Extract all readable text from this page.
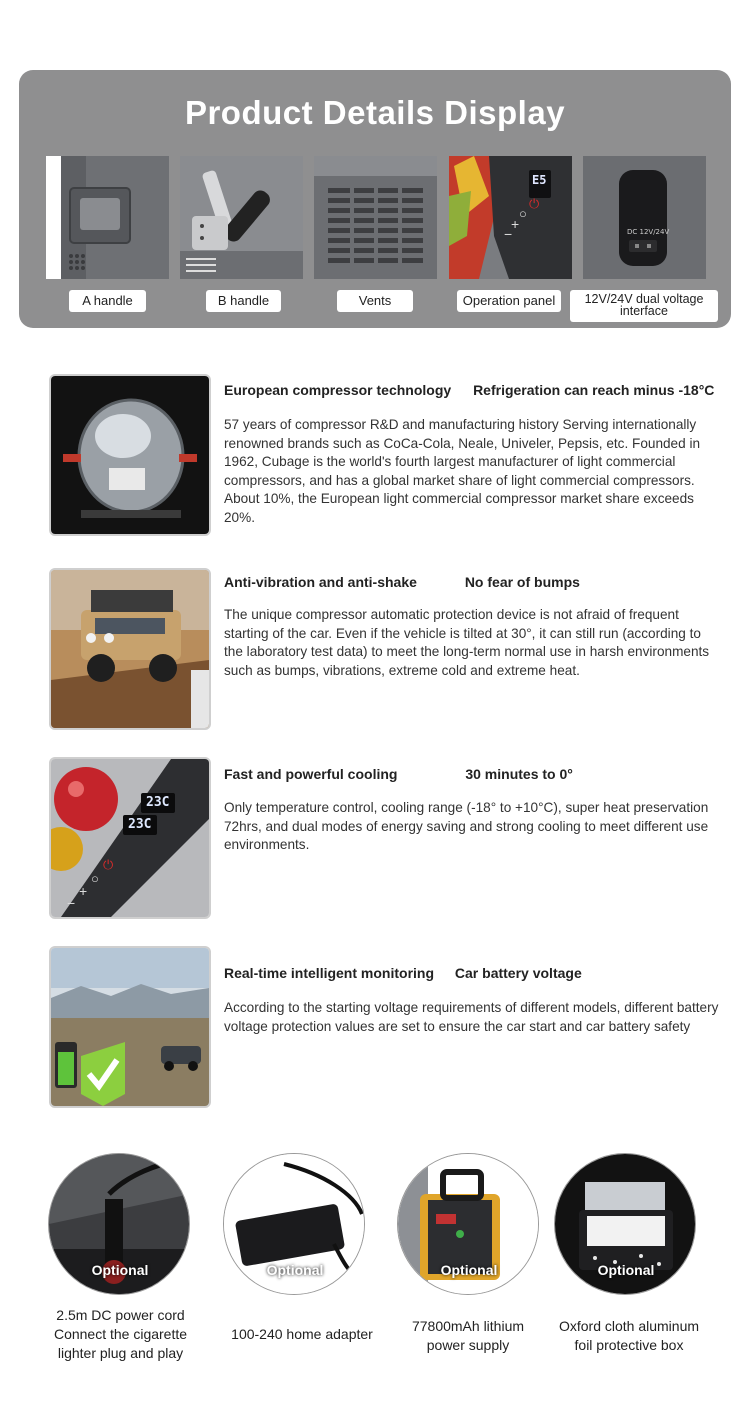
Product Details Display
A handle	B handle	Vents
E5
−
+
○
⏻
Operation panel
DC 12V/24V
12V/24V dual voltage interface
European compressor technology Refrigeration can reach minus -18°C

57 years of compressor R&D and manufacturing history Serving internationally renowned brands such as CoCa-Cola, Neale, Univeler, Pepsis, etc. Founded in 1962, Cubage is the world's fourth largest manufacturer of light commercial compressors, and has a global market share of light commercial compressors. About 10%, the European light commercial compressor market share exceeds 20%.

Anti-vibration and anti-shake	No fear of bumps

The unique compressor automatic protection device is not afraid of frequent starting of the car. Even if the vehicle is tilted at 30°, it can still run (according to the laboratory test data) to meet the long-term normal use in harsh environments such as bumps, vibrations, extreme cold and extreme heat.

23C
23C
⏻
○
+
−
Fast and powerful cooling	30 minutes to 0°

Only temperature control, cooling range (-18° to +10°C), super heat preservation 72hrs, and dual modes of energy saving and strong cooling to meet different use environments.

Real-time intelligent monitoring Car battery voltage

According to the starting voltage requirements of different models, different battery voltage protection values are set to ensure the car start and car battery safety

Optional	Optional	Optional	Optional
2.5m DC power cord Connect the cigarette lighter plug and play
100-240 home adapter	77800mAh lithium power supply
Oxford cloth aluminum foil protective box
